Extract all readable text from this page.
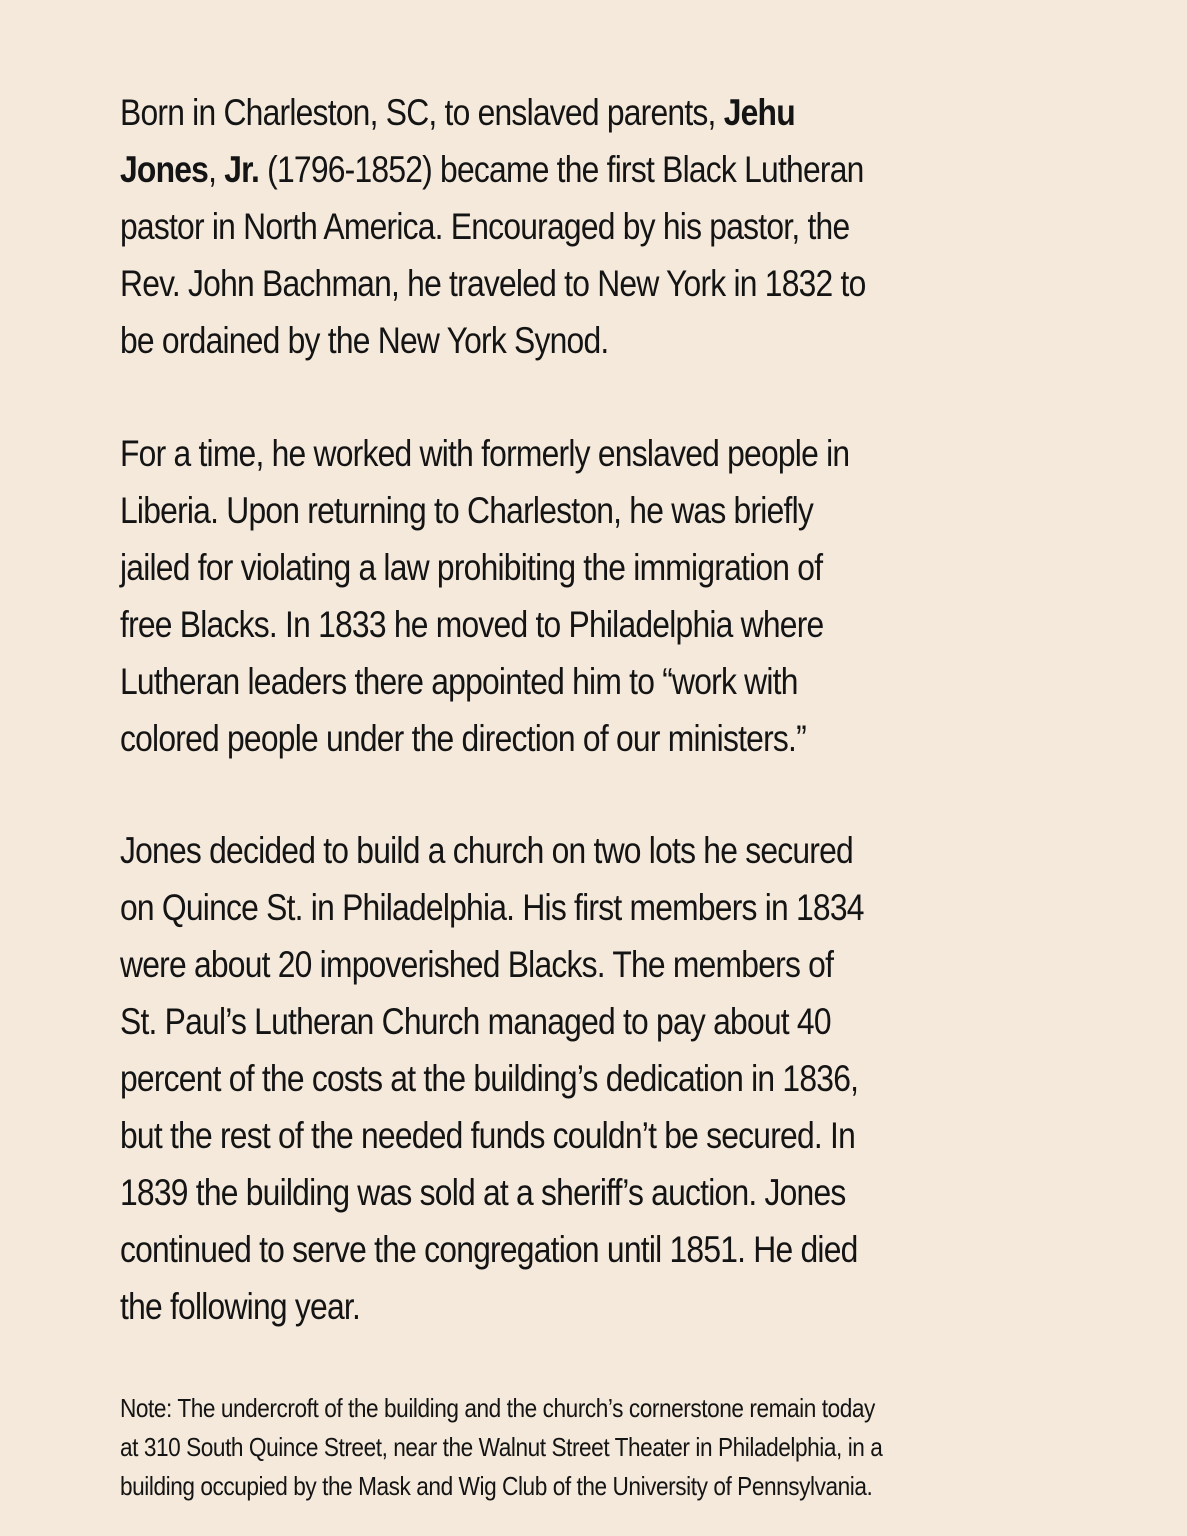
Born in Charleston, SC, to enslaved parents, Jehu
Jones, Jr. (1796-1852) became the first Black Lutheran
pastor in North America. Encouraged by his pastor, the
Rev. John Bachman, he traveled to New York in 1832 to
be ordained by the New York Synod.
For a time, he worked with formerly enslaved people in
Liberia. Upon returning to Charleston, he was briefly
jailed for violating a law prohibiting the immigration of
free Blacks. In 1833 he moved to Philadelphia where
Lutheran leaders there appointed him to “work with
colored people under the direction of our ministers.”
Jones decided to build a church on two lots he secured
on Quince St. in Philadelphia. His first members in 1834
were about 20 impoverished Blacks. The members of
St. Paul’s Lutheran Church managed to pay about 40
percent of the costs at the building’s dedication in 1836,
but the rest of the needed funds couldn’t be secured. In
1839 the building was sold at a sheriff’s auction. Jones
continued to serve the congregation until 1851. He died
the following year.
Note: The undercroft of the building and the church’s cornerstone remain today
at 310 South Quince Street, near the Walnut Street Theater in Philadelphia, in a
building occupied by the Mask and Wig Club of the University of Pennsylvania.
